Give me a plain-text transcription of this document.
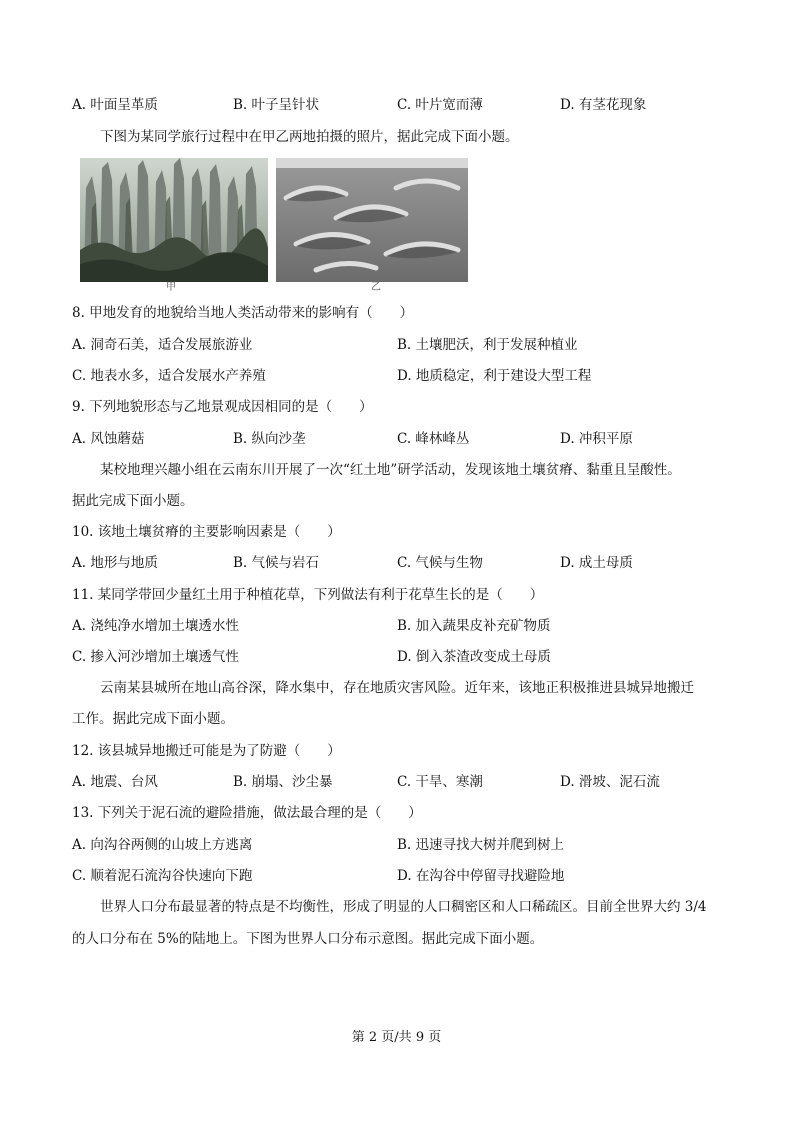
A. 叶面呈革质	B. 叶子呈针状	C. 叶片宽而薄	D. 有茎花现象
下图为某同学旅行过程中在甲乙两地拍摄的照片，据此完成下面小题。
甲	乙
8. 甲地发育的地貌给当地人类活动带来的影响有（　　）
A. 洞奇石美，适合发展旅游业	B. 土壤肥沃，利于发展种植业
C. 地表水多，适合发展水产养殖	D. 地质稳定，利于建设大型工程
9. 下列地貌形态与乙地景观成因相同的是（　　）
A. 风蚀蘑菇	B. 纵向沙垄	C. 峰林峰丛	D. 冲积平原
某校地理兴趣小组在云南东川开展了一次“红土地”研学活动，发现该地土壤贫瘠、黏重且呈酸性。
据此完成下面小题。
10. 该地土壤贫瘠的主要影响因素是（　　）
A. 地形与地质	B. 气候与岩石	C. 气候与生物	D. 成土母质
11. 某同学带回少量红土用于种植花草，下列做法有利于花草生长的是（　　）
A. 浇纯净水增加土壤透水性	B. 加入蔬果皮补充矿物质
C. 掺入河沙增加土壤透气性	D. 倒入茶渣改变成土母质
云南某县城所在地山高谷深，降水集中，存在地质灾害风险。近年来，该地正积极推进县城异地搬迁
工作。据此完成下面小题。
12. 该县城异地搬迁可能是为了防避（　　）
A. 地震、台风	B. 崩塌、沙尘暴	C. 干旱、寒潮	D. 滑坡、泥石流
13. 下列关于泥石流的避险措施，做法最合理的是（　　）
A. 向沟谷两侧的山坡上方逃离	B. 迅速寻找大树并爬到树上
C. 顺着泥石流沟谷快速向下跑	D. 在沟谷中停留寻找避险地
世界人口分布最显著的特点是不均衡性，形成了明显的人口稠密区和人口稀疏区。目前全世界大约 3/4
的人口分布在 5%的陆地上。下图为世界人口分布示意图。据此完成下面小题。
第 2 页/共 9 页
